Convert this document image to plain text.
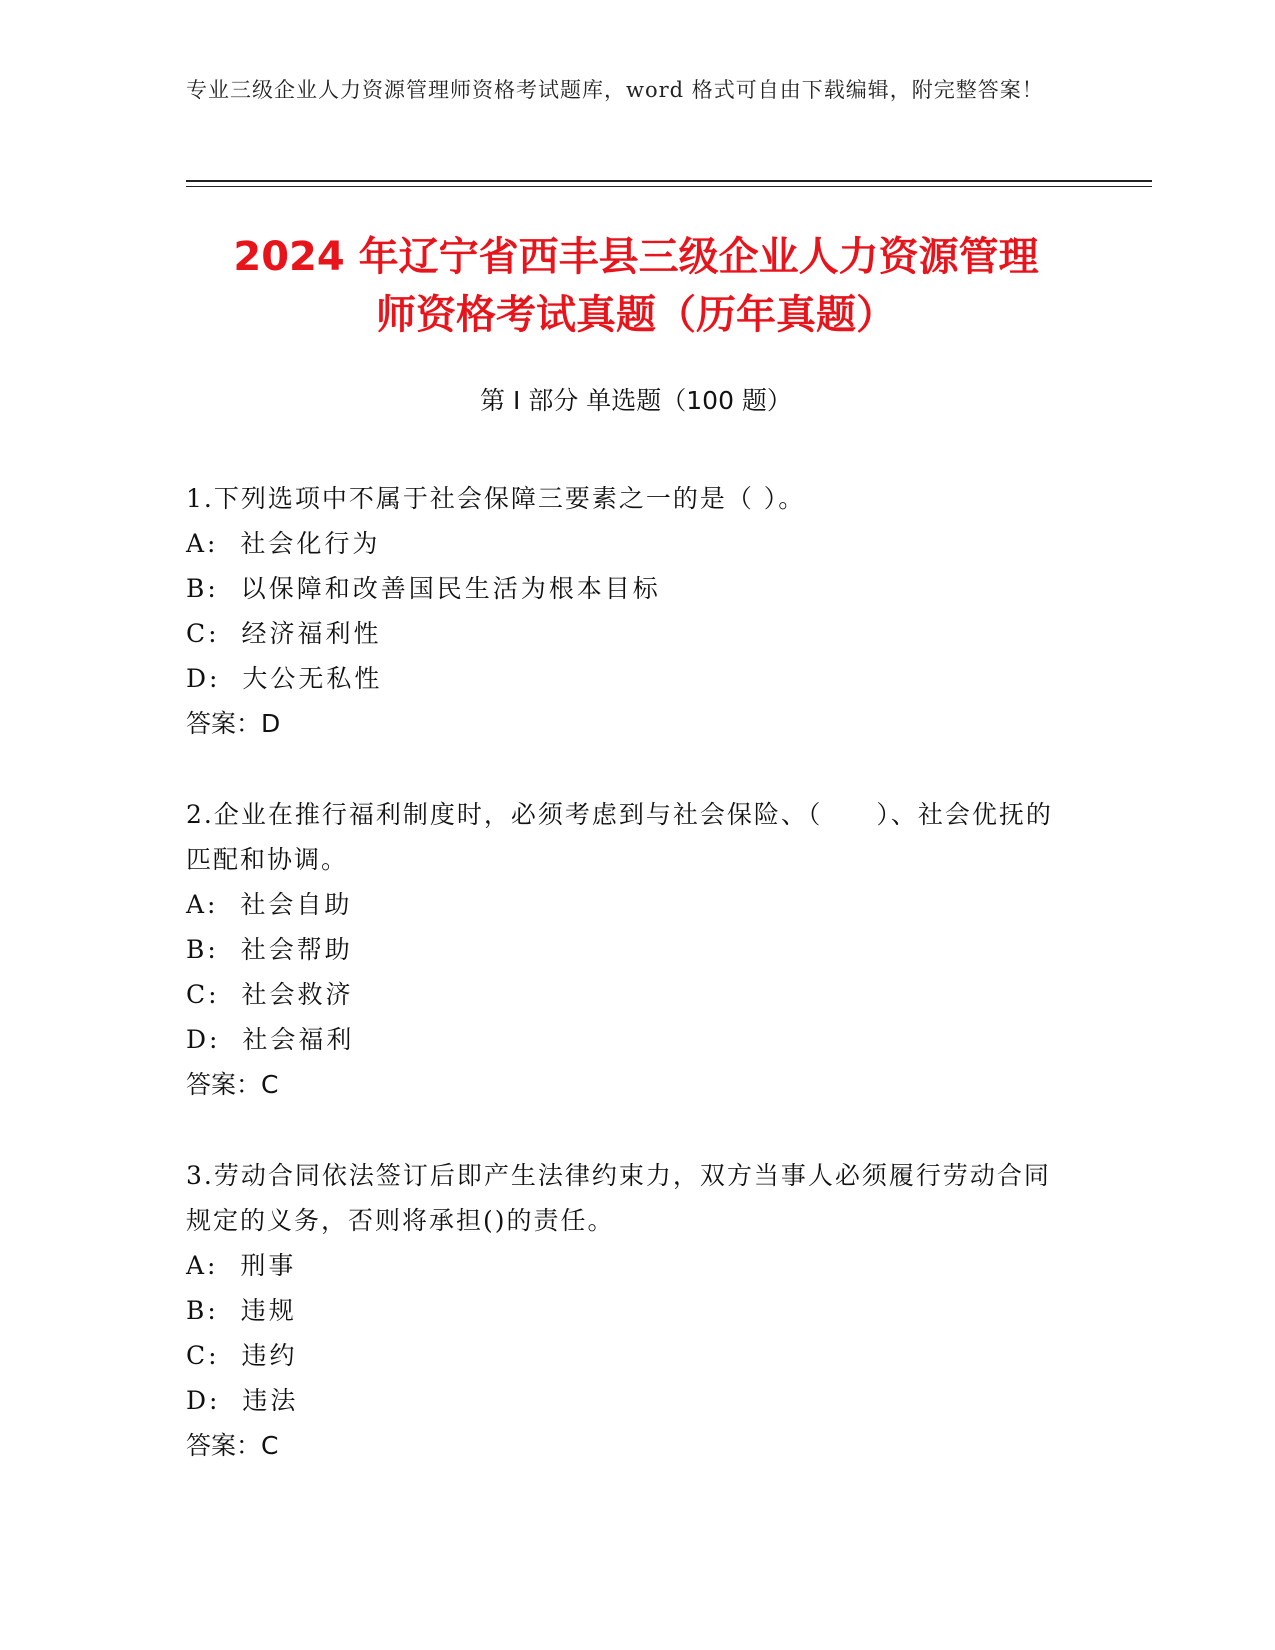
专业三级企业人力资源管理师资格考试题库，word 格式可自由下载编辑，附完整答案！
2024 年辽宁省西丰县三级企业人力资源管理
师资格考试真题（历年真题）
第 I 部分 单选题（100 题）

1.下列选项中不属于社会保障三要素之一的是（ ）。

A:  社会化行为

B:  以保障和改善国民生活为根本目标

C:  经济福利性

D:  大公无私性

答案：D

2.企业在推行福利制度时，必须考虑到与社会保险、（　　）、社会优抚的匹配和协调。

A:  社会自助

B:  社会帮助

C:  社会救济

D:  社会福利

答案：C

3.劳动合同依法签订后即产生法律约束力，双方当事人必须履行劳动合同规定的义务，否则将承担()的责任。

A:  刑事

B:  违规

C:  违约

D:  违法

答案：C
